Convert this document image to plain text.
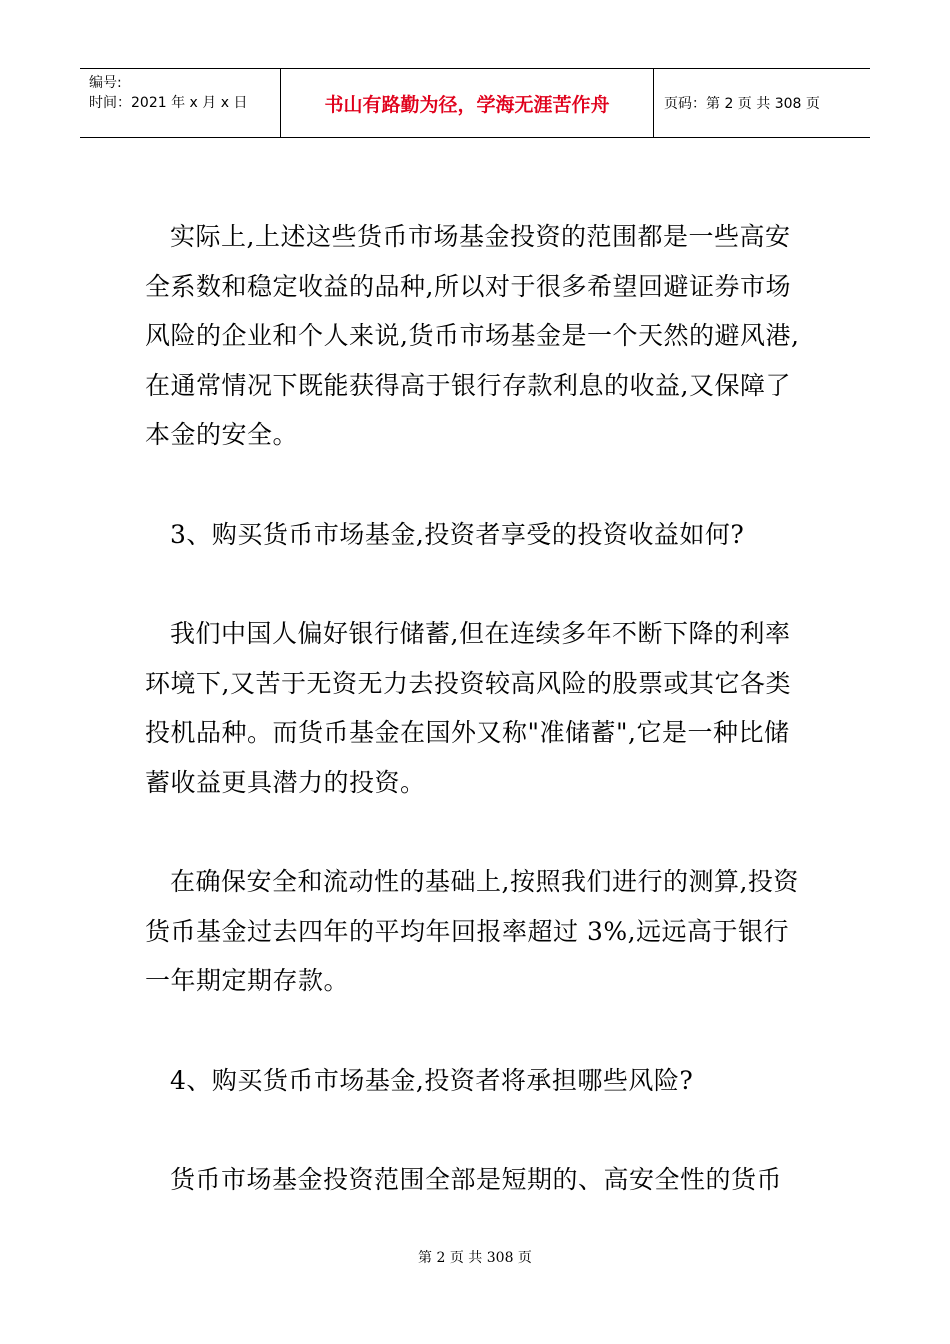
编号:
时间：2021 年 x 月 x 日	书山有路勤为径，学海无涯苦作舟	页码：第 2 页 共 308 页

实际上,上述这些货币市场基金投资的范围都是一些高安全系数和稳定收益的品种,所以对于很多希望回避证券市场风险的企业和个人来说,货币市场基金是一个天然的避风港,在通常情况下既能获得高于银行存款利息的收益,又保障了本金的安全。

3、购买货币市场基金,投资者享受的投资收益如何?

我们中国人偏好银行储蓄,但在连续多年不断下降的利率环境下,又苦于无资无力去投资较高风险的股票或其它各类投机品种。而货币基金在国外又称"准储蓄",它是一种比储蓄收益更具潜力的投资。

在确保安全和流动性的基础上,按照我们进行的测算,投资货币基金过去四年的平均年回报率超过 3%,远远高于银行一年期定期存款。

4、购买货币市场基金,投资者将承担哪些风险?

货币市场基金投资范围全部是短期的、高安全性的货币

第 2 页 共 308 页
